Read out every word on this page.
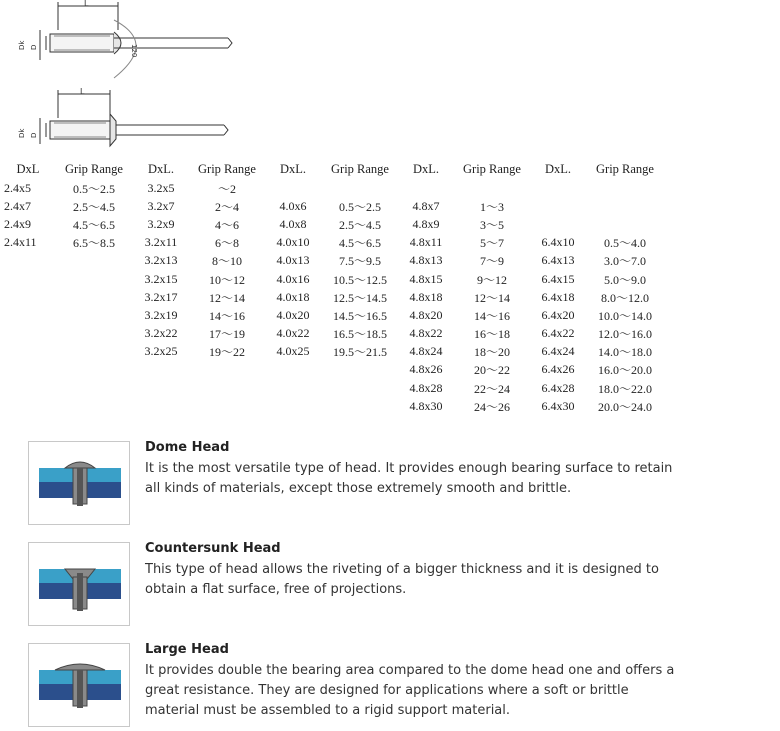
L
Dk D	120
L
Dk D
DxL	Grip Range	DxL.	Grip Range	DxL.	Grip Range	DxL.	Grip Range	DxL.	Grip Range
2.4x5	0.5～2.5	3.2x5	～2						
2.4x7	2.5～4.5	3.2x7	2～4	4.0x6	0.5～2.5	4.8x7	1～3		
2.4x9	4.5～6.5	3.2x9	4～6	4.0x8	2.5～4.5	4.8x9	3～5		
2.4x11	6.5～8.5	3.2x11	6～8	4.0x10	4.5～6.5	4.8x11	5～7	6.4x10	0.5～4.0
		3.2x13	8～10	4.0x13	7.5～9.5	4.8x13	7～9	6.4x13	3.0～7.0
		3.2x15	10～12	4.0x16	10.5～12.5	4.8x15	9～12	6.4x15	5.0～9.0
		3.2x17	12～14	4.0x18	12.5～14.5	4.8x18	12～14	6.4x18	8.0～12.0
		3.2x19	14～16	4.0x20	14.5～16.5	4.8x20	14～16	6.4x20	10.0～14.0
		3.2x22	17～19	4.0x22	16.5～18.5	4.8x22	16～18	6.4x22	12.0～16.0
		3.2x25	19～22	4.0x25	19.5～21.5	4.8x24	18～20	6.4x24	14.0～18.0
						4.8x26	20～22	6.4x26	16.0～20.0
						4.8x28	22～24	6.4x28	18.0～22.0
						4.8x30	24～26	6.4x30	20.0～24.0
Dome Head
It is the most versatile type of head. It provides enough bearing surface to retain all kinds of materials, except those extremely smooth and brittle.
Countersunk Head
This type of head allows the riveting of a bigger thickness and it is designed to obtain a flat surface, free of projections.
Large Head
It provides double the bearing area compared to the dome head one and offers a great resistance. They are designed for applications where a soft or brittle material must be assembled to a rigid support material.
